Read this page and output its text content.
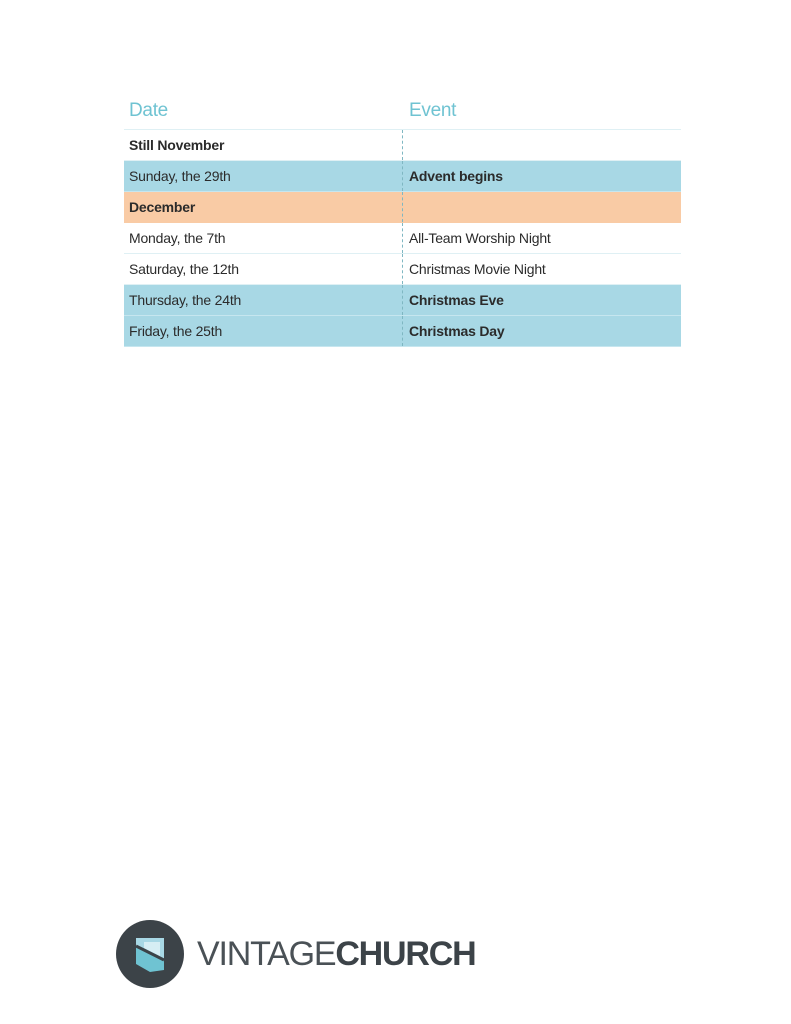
Date	Event
Still November
Sunday, the 29th	Advent begins
December
Monday, the 7th	All-Team Worship Night
Saturday, the 12th	Christmas Movie Night
Thursday, the 24th	Christmas Eve
Friday, the 25th	Christmas Day
VINTAGECHURCH
